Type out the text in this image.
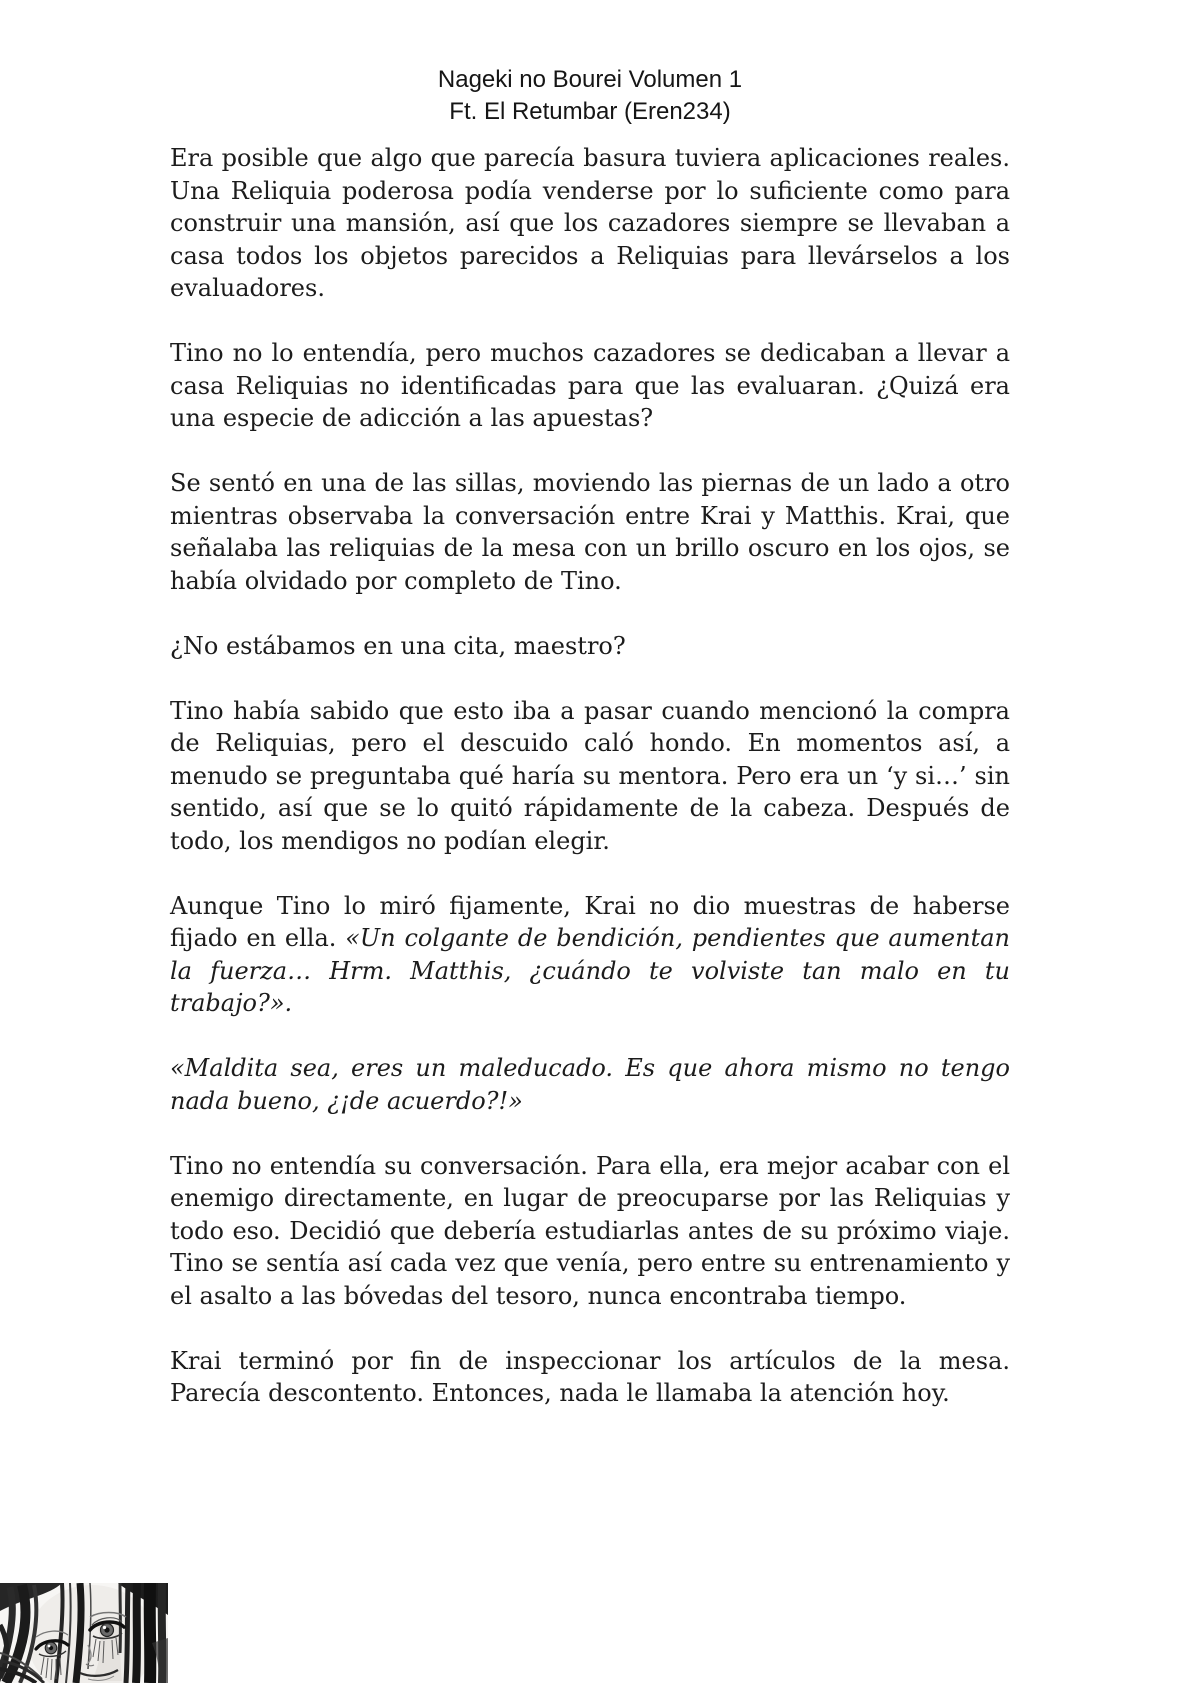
Nageki no Bourei Volumen 1
Ft. El Retumbar (Eren234)

Era posible que algo que parecía basura tuviera aplicaciones reales. Una Reliquia poderosa podía venderse por lo suficiente como para construir una mansión, así que los cazadores siempre se llevaban a casa todos los objetos parecidos a Reliquias para llevárselos a los evaluadores.

Tino no lo entendía, pero muchos cazadores se dedicaban a llevar a casa Reliquias no identificadas para que las evaluaran. ¿Quizá era una especie de adicción a las apuestas?

Se sentó en una de las sillas, moviendo las piernas de un lado a otro mientras observaba la conversación entre Krai y Matthis. Krai, que señalaba las reliquias de la mesa con un brillo oscuro en los ojos, se había olvidado por completo de Tino.

¿No estábamos en una cita, maestro?

Tino había sabido que esto iba a pasar cuando mencionó la compra de Reliquias, pero el descuido caló hondo. En momentos así, a menudo se preguntaba qué haría su mentora. Pero era un ‘y si…’ sin sentido, así que se lo quitó rápidamente de la cabeza. Después de todo, los mendigos no podían elegir.

Aunque Tino lo miró fijamente, Krai no dio muestras de haberse fijado en ella. «Un colgante de bendición, pendientes que aumentan la fuerza… Hrm. Matthis, ¿cuándo te volviste tan malo en tu trabajo?».

«Maldita sea, eres un maleducado. Es que ahora mismo no tengo nada bueno, ¿¡de acuerdo?!»

Tino no entendía su conversación. Para ella, era mejor acabar con el enemigo directamente, en lugar de preocuparse por las Reliquias y todo eso. Decidió que debería estudiarlas antes de su próximo viaje. Tino se sentía así cada vez que venía, pero entre su entrenamiento y el asalto a las bóvedas del tesoro, nunca encontraba tiempo.

Krai terminó por fin de inspeccionar los artículos de la mesa. Parecía descontento. Entonces, nada le llamaba la atención hoy.
